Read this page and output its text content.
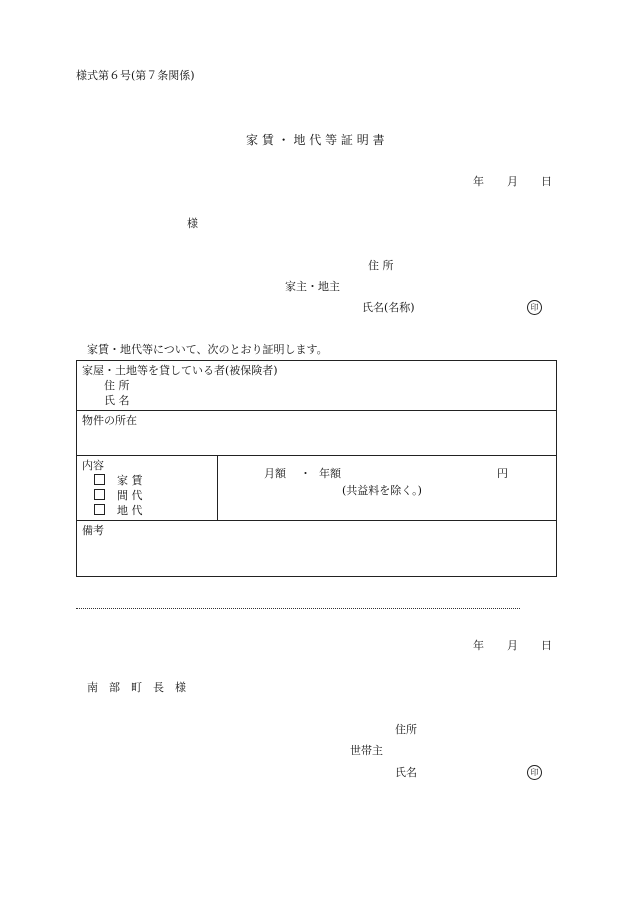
様式第６号(第７条関係)
家 賃 ・ 地 代 等 証 明 書
年 月 日
様
住 所
家主・地主
氏名(名称)	印
家賃・地代等について、次のとおり証明します。
家屋・土地等を貸している者(被保険者)
住 所
氏 名

物件の所在

内容
家 賃
間 代
地 代

月額 ・ 年額	円
(共益料を除く。)

備考
年 月 日
南　部　町　長　様
住所
世帯主
氏名	印
